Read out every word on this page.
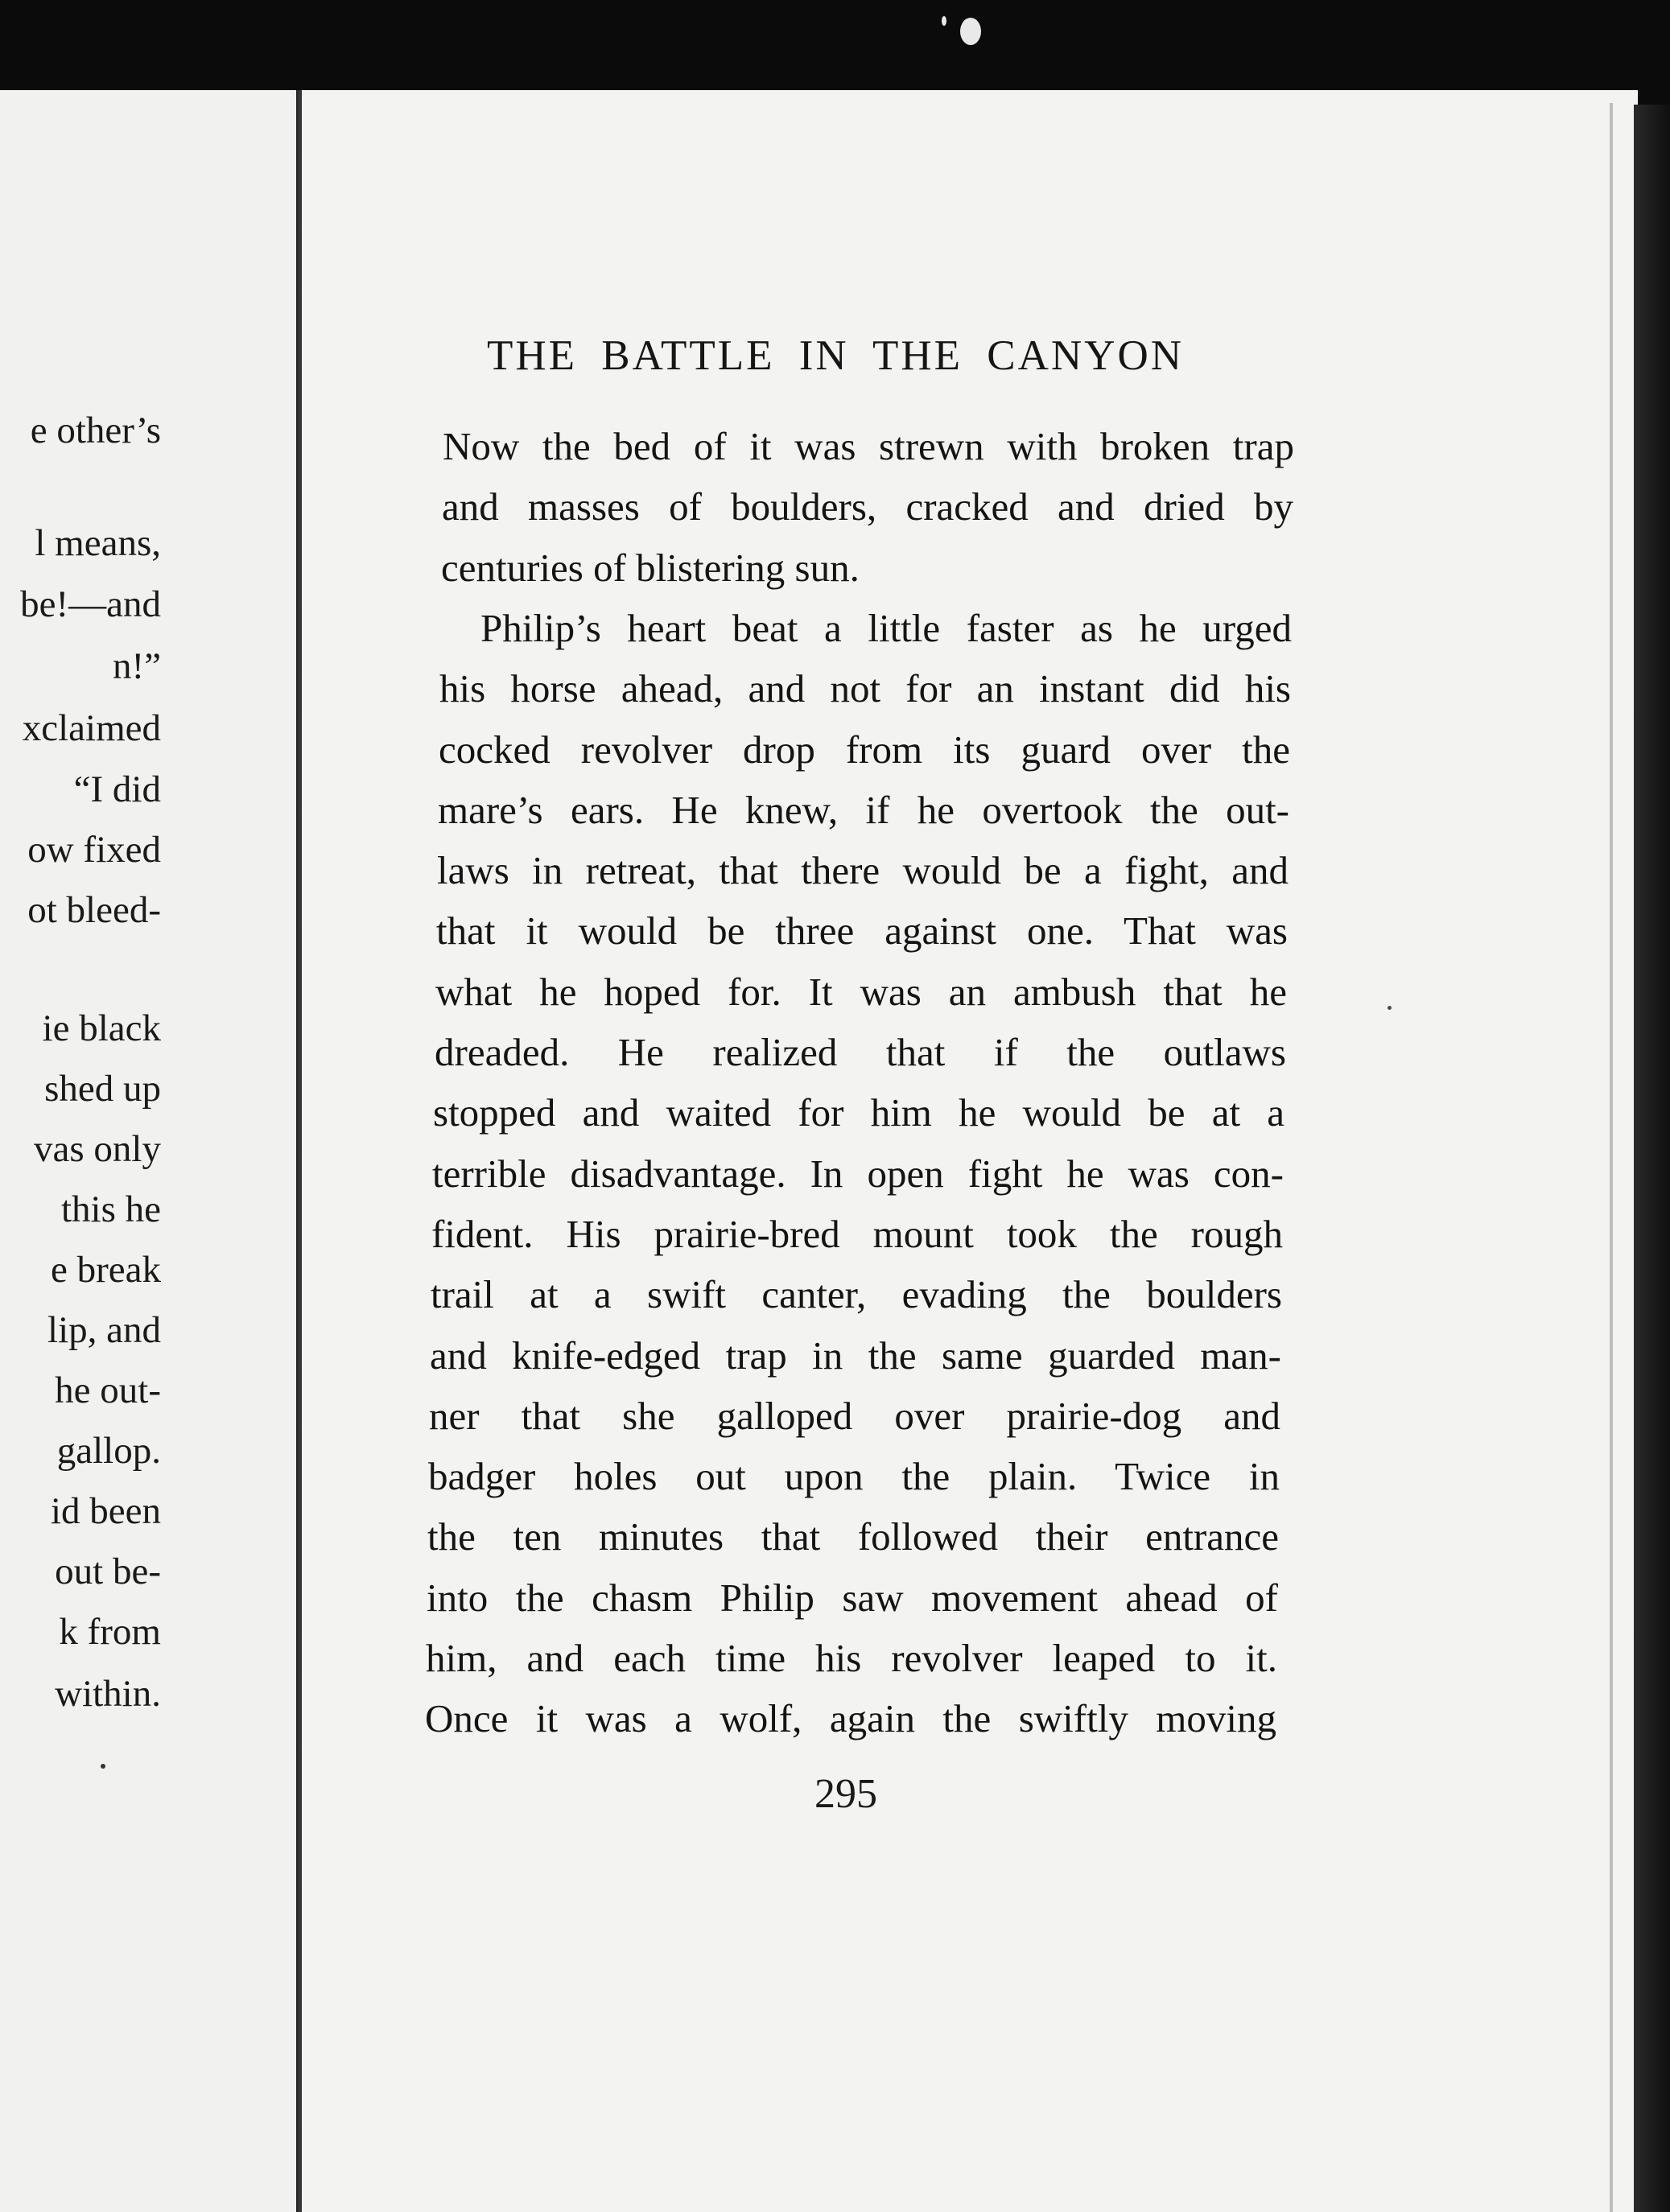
e other’s
l means,
be!—and
n!”
xclaimed
“I did
ow fixed
ot bleed-
ie black
shed up
vas only
this he
e break
lip, and
he out-
gallop.
id been
out be-
k from
within.
THE BATTLE IN THE CANYON
Now the bed of it was strewn with broken trap
and masses of boulders, cracked and dried by
centuries of blistering sun.
Philip’s heart beat a little faster as he urged
his horse ahead, and not for an instant did his
cocked revolver drop from its guard over the
mare’s ears. He knew, if he overtook the out-
laws in retreat, that there would be a fight, and
that it would be three against one. That was
what he hoped for. It was an ambush that he
dreaded. He realized that if the outlaws
stopped and waited for him he would be at a
terrible disadvantage. In open fight he was con-
fident. His prairie-bred mount took the rough
trail at a swift canter, evading the boulders
and knife-edged trap in the same guarded man-
ner that she galloped over prairie-dog and
badger holes out upon the plain. Twice in
the ten minutes that followed their entrance
into the chasm Philip saw movement ahead of
him, and each time his revolver leaped to it.
Once it was a wolf, again the swiftly moving
295
